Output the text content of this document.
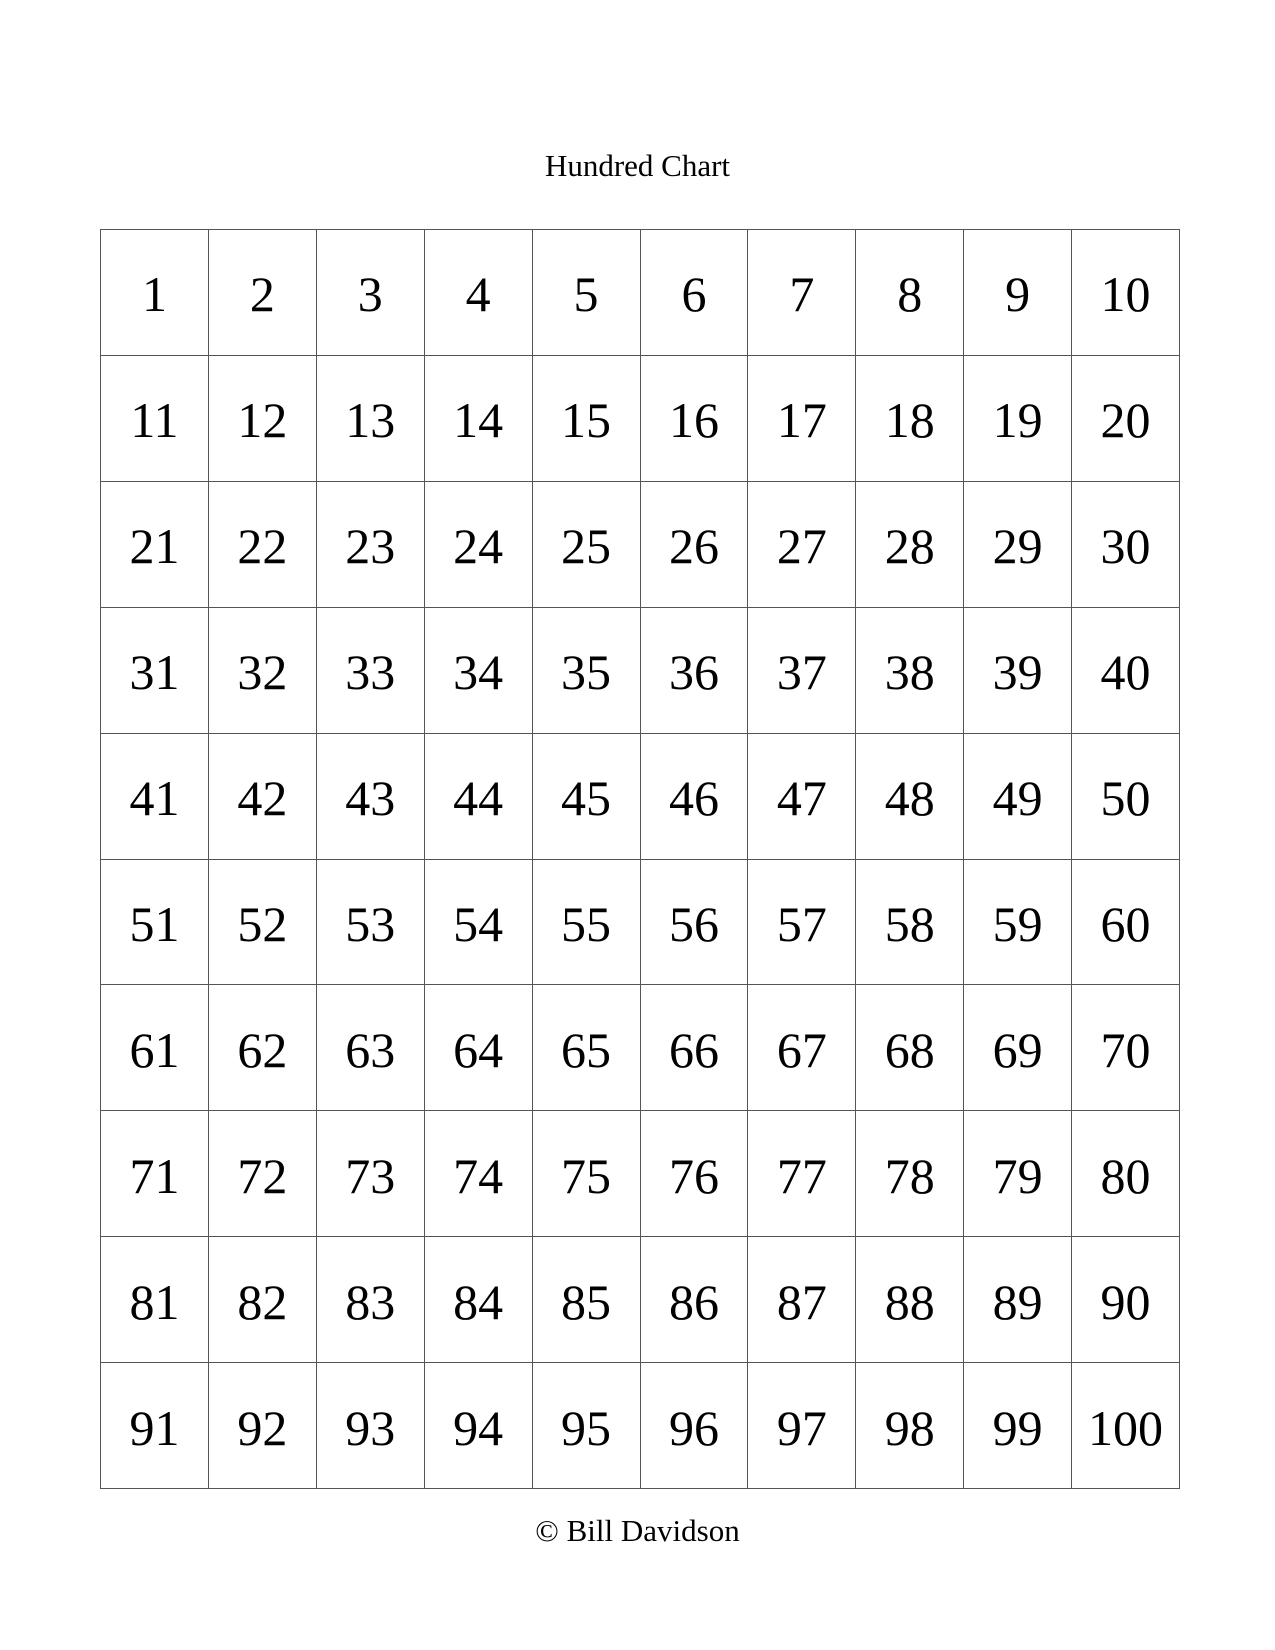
Hundred Chart
1	2	3	4	5	6	7	8	9	10
11	12	13	14	15	16	17	18	19	20
21	22	23	24	25	26	27	28	29	30
31	32	33	34	35	36	37	38	39	40
41	42	43	44	45	46	47	48	49	50
51	52	53	54	55	56	57	58	59	60
61	62	63	64	65	66	67	68	69	70
71	72	73	74	75	76	77	78	79	80
81	82	83	84	85	86	87	88	89	90
91	92	93	94	95	96	97	98	99 100
© Bill Davidson
